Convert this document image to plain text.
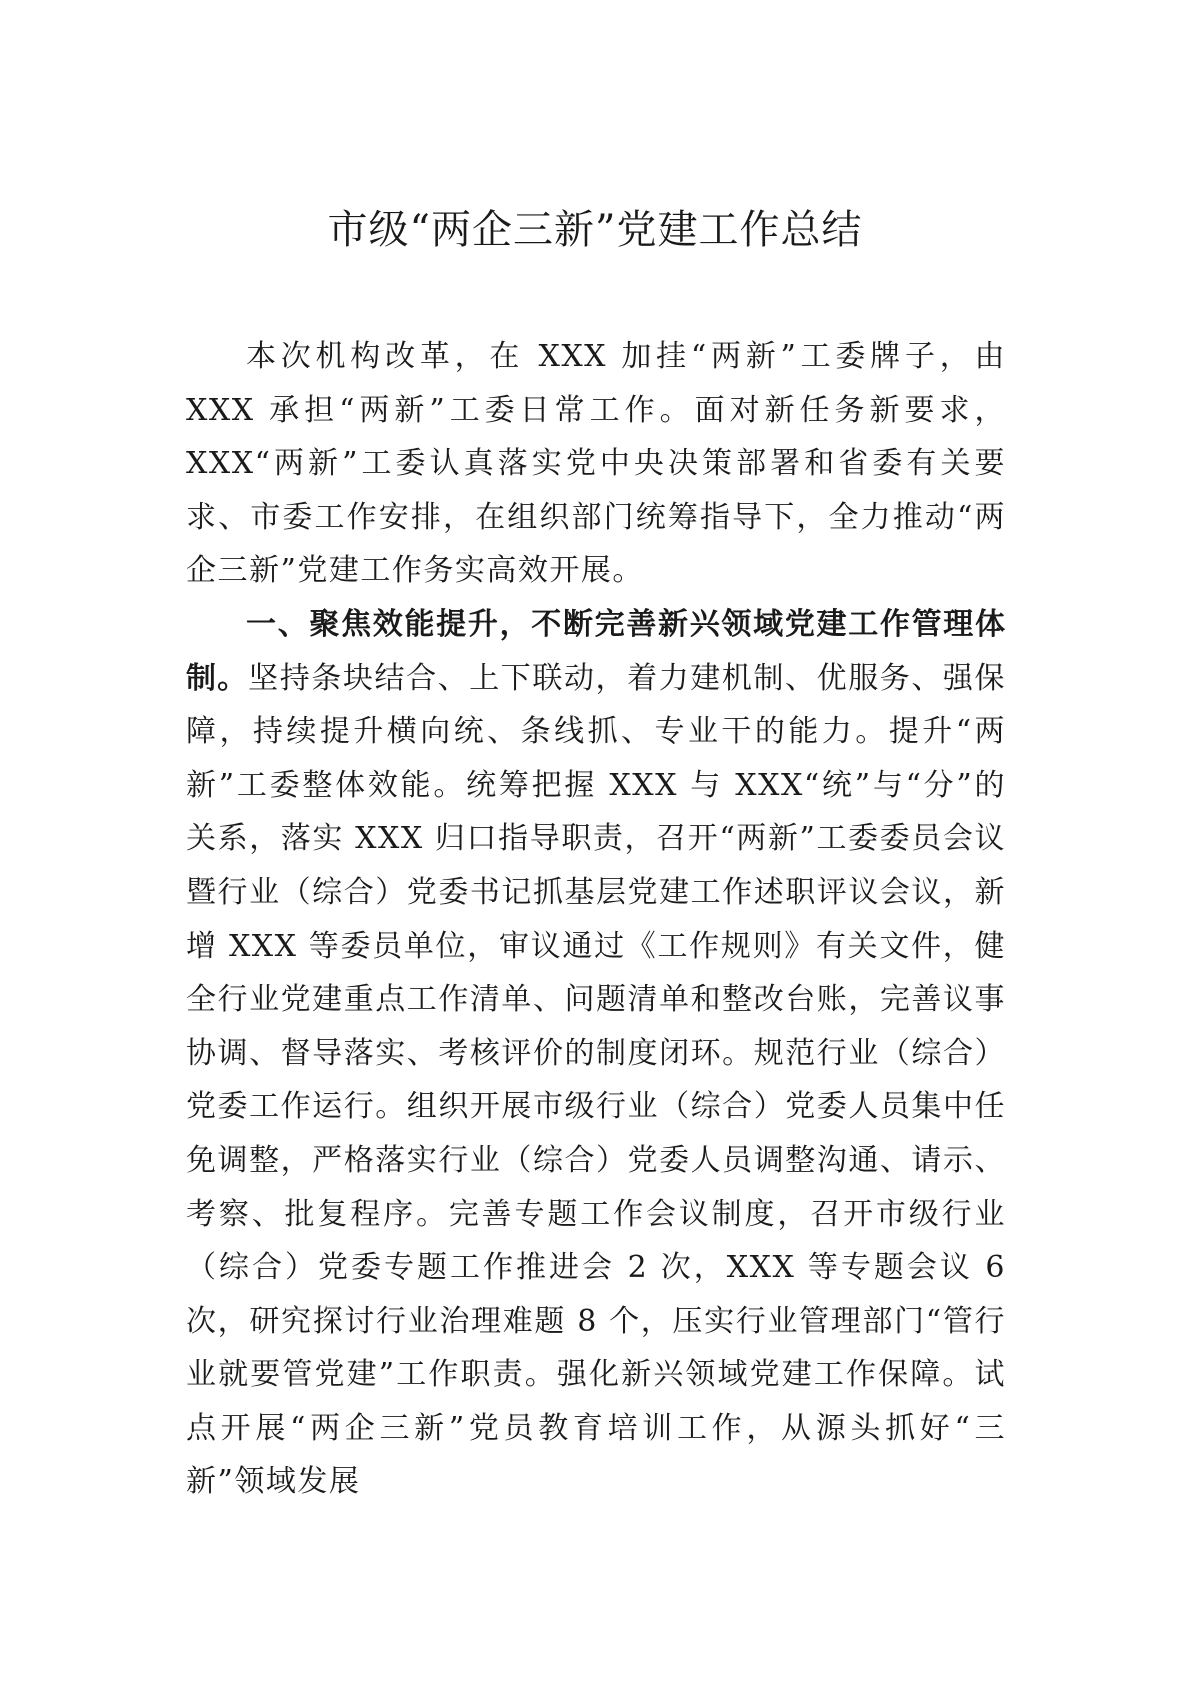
市级“两企三新”党建工作总结

本次机构改革，在 XXX 加挂“两新”工委牌子，由 XXX 承担“两新”工委日常工作。面对新任务新要求，XXX“两新”工委认真落实党中央决策部署和省委有关要求、市委工作安排，在组织部门统筹指导下，全力推动“两企三新”党建工作务实高效开展。

一、聚焦效能提升，不断完善新兴领域党建工作管理体制。坚持条块结合、上下联动，着力建机制、优服务、强保障，持续提升横向统、条线抓、专业干的能力。提升“两新”工委整体效能。统筹把握 XXX 与 XXX“统”与“分”的关系，落实 XXX 归口指导职责，召开“两新”工委委员会议暨行业（综合）党委书记抓基层党建工作述职评议会议，新增 XXX 等委员单位，审议通过《工作规则》有关文件，健全行业党建重点工作清单、问题清单和整改台账，完善议事协调、督导落实、考核评价的制度闭环。规范行业（综合）党委工作运行。组织开展市级行业（综合）党委人员集中任免调整，严格落实行业（综合）党委人员调整沟通、请示、考察、批复程序。完善专题工作会议制度，召开市级行业（综合）党委专题工作推进会 2 次，XXX 等专题会议 6 次，研究探讨行业治理难题 8 个，压实行业管理部门“管行业就要管党建”工作职责。强化新兴领域党建工作保障。试点开展“两企三新”党员教育培训工作，从源头抓好“三新”领域发展
